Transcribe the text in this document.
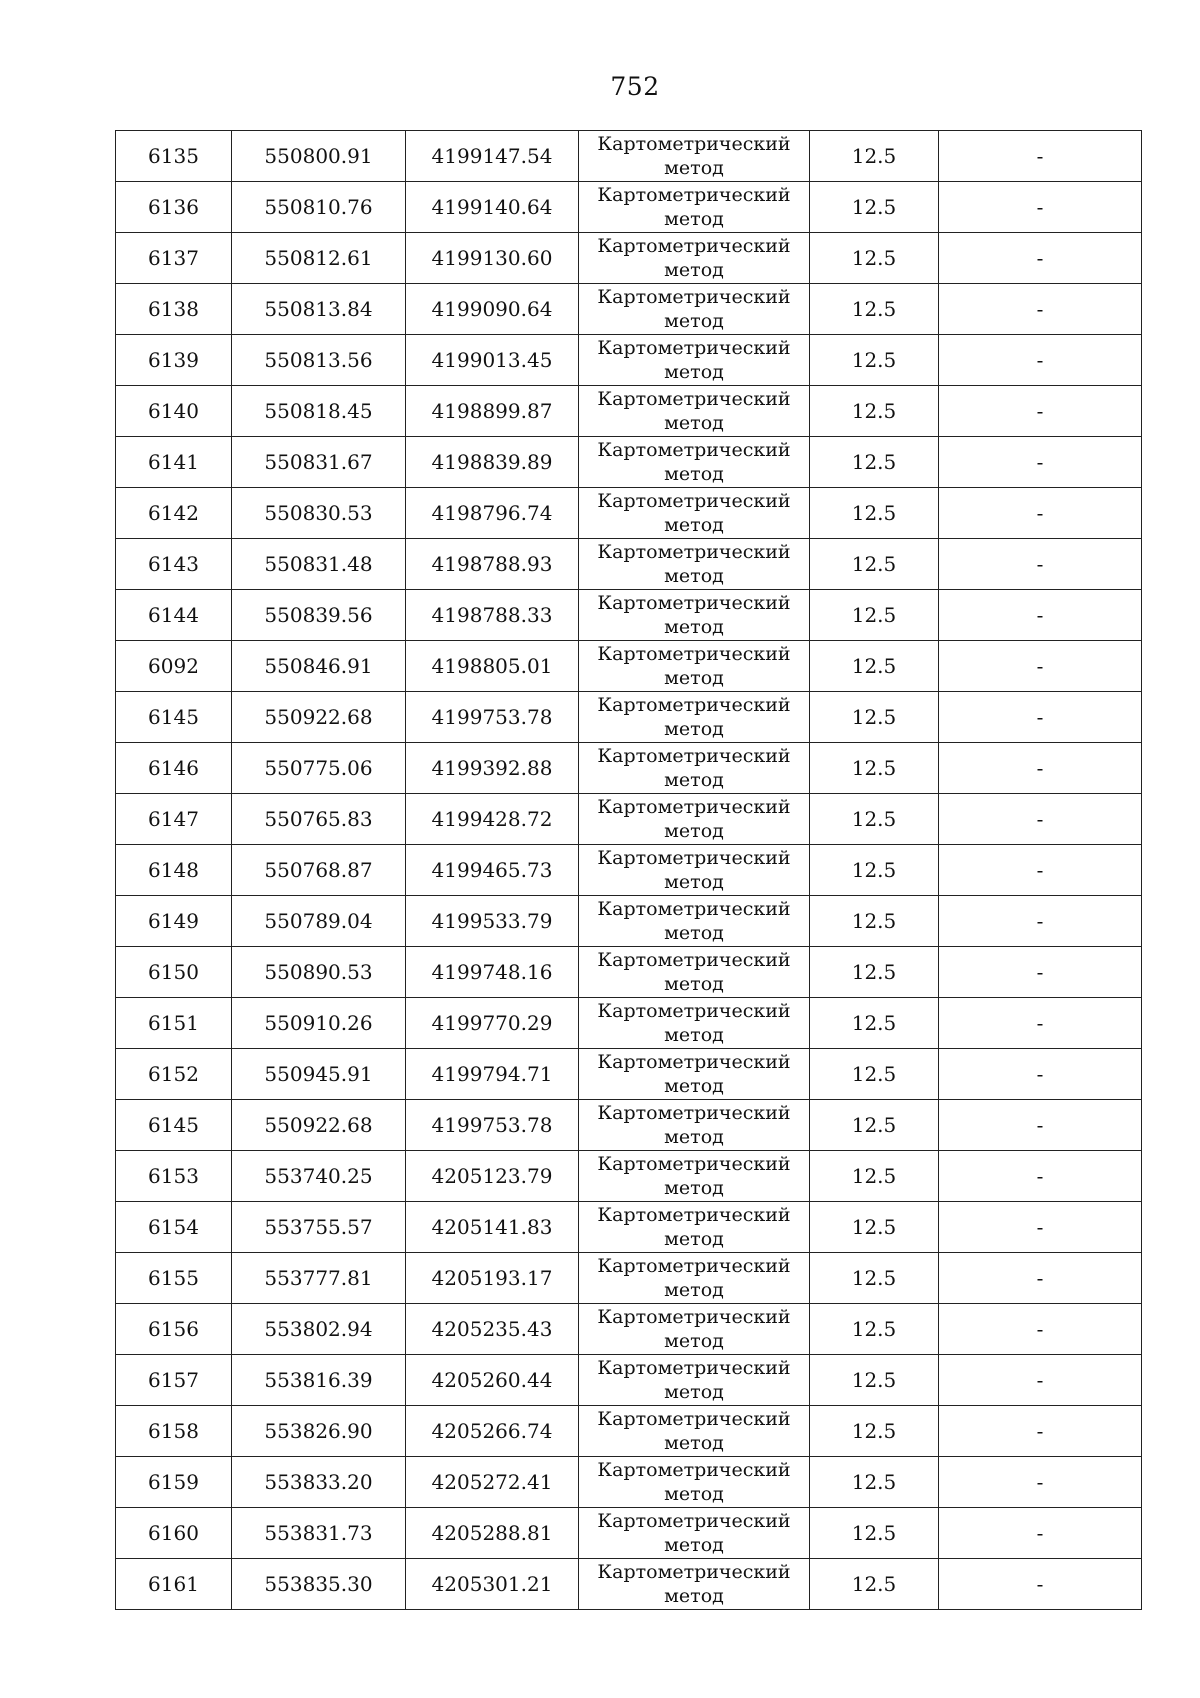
752
6135	550800.91	4199147.54	Картометрический метод	12.5	-
6136	550810.76	4199140.64	Картометрический метод	12.5	-
6137	550812.61	4199130.60	Картометрический метод	12.5	-
6138	550813.84	4199090.64	Картометрический метод	12.5	-
6139	550813.56	4199013.45	Картометрический метод	12.5	-
6140	550818.45	4198899.87	Картометрический метод	12.5	-
6141	550831.67	4198839.89	Картометрический метод	12.5	-
6142	550830.53	4198796.74	Картометрический метод	12.5	-
6143	550831.48	4198788.93	Картометрический метод	12.5	-
6144	550839.56	4198788.33	Картометрический метод	12.5	-
6092	550846.91	4198805.01	Картометрический метод	12.5	-
6145	550922.68	4199753.78	Картометрический метод	12.5	-
6146	550775.06	4199392.88	Картометрический метод	12.5	-
6147	550765.83	4199428.72	Картометрический метод	12.5	-
6148	550768.87	4199465.73	Картометрический метод	12.5	-
6149	550789.04	4199533.79	Картометрический метод	12.5	-
6150	550890.53	4199748.16	Картометрический метод	12.5	-
6151	550910.26	4199770.29	Картометрический метод	12.5	-
6152	550945.91	4199794.71	Картометрический метод	12.5	-
6145	550922.68	4199753.78	Картометрический метод	12.5	-
6153	553740.25	4205123.79	Картометрический метод	12.5	-
6154	553755.57	4205141.83	Картометрический метод	12.5	-
6155	553777.81	4205193.17	Картометрический метод	12.5	-
6156	553802.94	4205235.43	Картометрический метод	12.5	-
6157	553816.39	4205260.44	Картометрический метод	12.5	-
6158	553826.90	4205266.74	Картометрический метод	12.5	-
6159	553833.20	4205272.41	Картометрический метод	12.5	-
6160	553831.73	4205288.81	Картометрический метод	12.5	-
6161	553835.30	4205301.21	Картометрический метод	12.5	-
